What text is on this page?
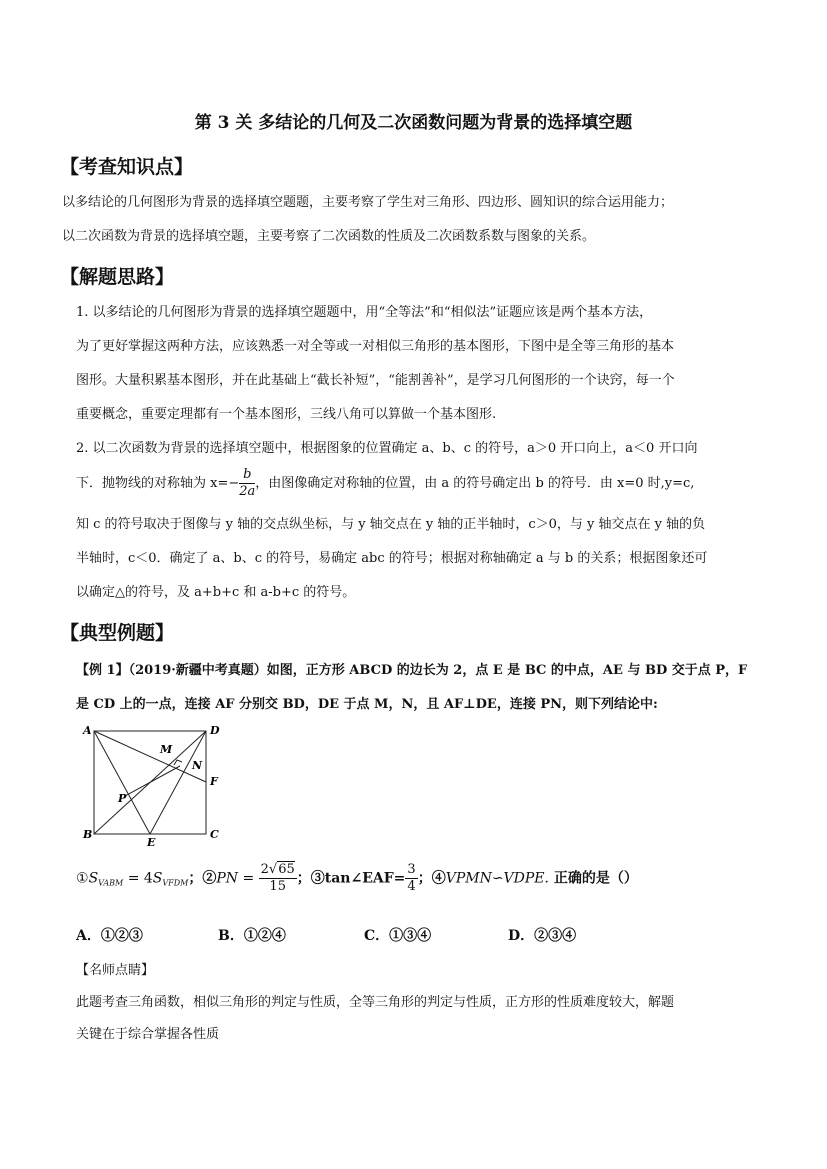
第 3 关 多结论的几何及二次函数问题为背景的选择填空题
【考查知识点】
以多结论的几何图形为背景的选择填空题题，主要考察了学生对三角形、四边形、圆知识的综合运用能力；
以二次函数为背景的选择填空题，主要考察了二次函数的性质及二次函数系数与图象的关系。
【解题思路】
1. 以多结论的几何图形为背景的选择填空题题中，用“全等法”和“相似法”证题应该是两个基本方法，
为了更好掌握这两种方法，应该熟悉一对全等或一对相似三角形的基本图形，下图中是全等三角形的基本
图形。大量积累基本图形，并在此基础上“截长补短”，“能割善补”，是学习几何图形的一个诀窍，每一个
重要概念，重要定理都有一个基本图形，三线八角可以算做一个基本图形.
2. 以二次函数为背景的选择填空题中，根据图象的位置确定 a、b、c 的符号，a＞0 开口向上，a＜0 开口向
下．抛物线的对称轴为 $x=- \frac{b}{2a}$ ，由图像确定对称轴的位置，由 a 的符号确定出 b 的符号．由 x=0 时,y=c,
知 c 的符号取决于图像与 y 轴的交点纵坐标，与 y 轴交点在 y 轴的正半轴时，c＞0，与 y 轴交点在 y 轴的负
半轴时，c＜0．确定了 a、b、c 的符号，易确定 abc 的符号；根据对称轴确定 a 与 b 的关系；根据图象还可
以确定△的符号，及 a+b+c 和 a-b+c 的符号。
【典型例题】
【例 1】（2019·新疆中考真题）如图，正方形 ABCD 的边长为 2，点 E 是 BC 的中点，AE 与 BD 交于点 P，F
是 CD 上的一点，连接 AF 分别交 BD，DE 于点 M，N，且 AF⊥DE，连接 PN，则下列结论中:
A	D
M
N
F
P
B
E
C
$①S_{VABM} = 4S_{VFDM}$；②PN = $\frac{2√65}{15}$ ；③tan∠EAF= $\frac{3}{4}$ ；④VPMN∽VDPE. 正确的是（）
A．①②③	B．①②④	C．①③④	D．②③④
【名师点睛】
此题考查三角函数，相似三角形的判定与性质，全等三角形的判定与性质，正方形的性质难度较大，解题
关键在于综合掌握各性质
